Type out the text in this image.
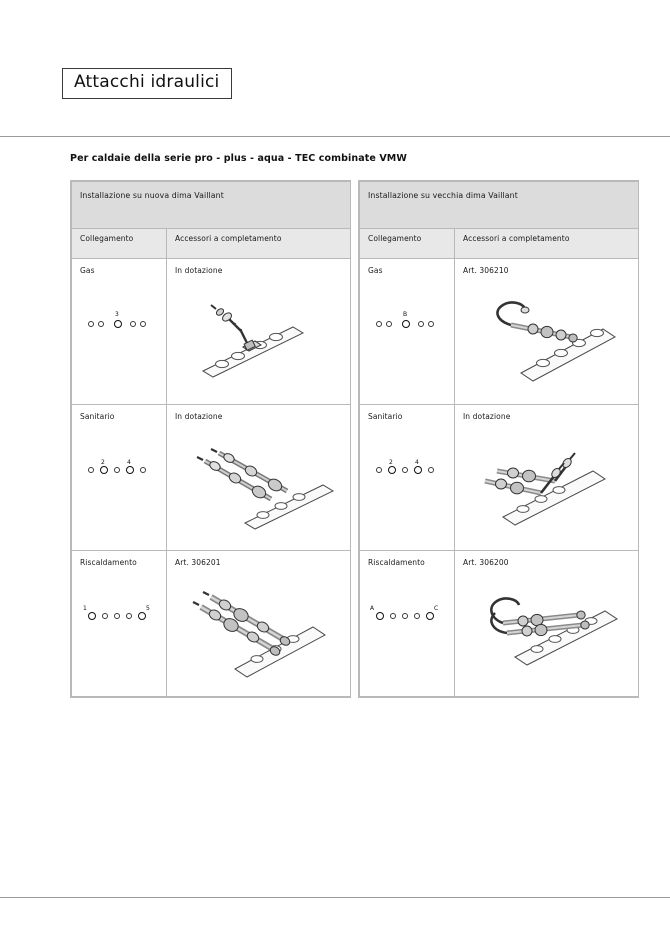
Attacchi idraulici
Per caldaie della serie pro - plus - aqua - TEC combinate VMW
Installazione su nuova dima Vaillant	
Collegamento	Accessori a completamento

Gas
3	In dotazione

Sanitario
2 4	In dotazione

Riscaldamento
1 5	Art. 306201
Installazione su vecchia dima Vaillant	
Collegamento	Accessori a completamento

Gas
B	Art. 306210

Sanitario
2 4	In dotazione

Riscaldamento
A C	Art. 306200
